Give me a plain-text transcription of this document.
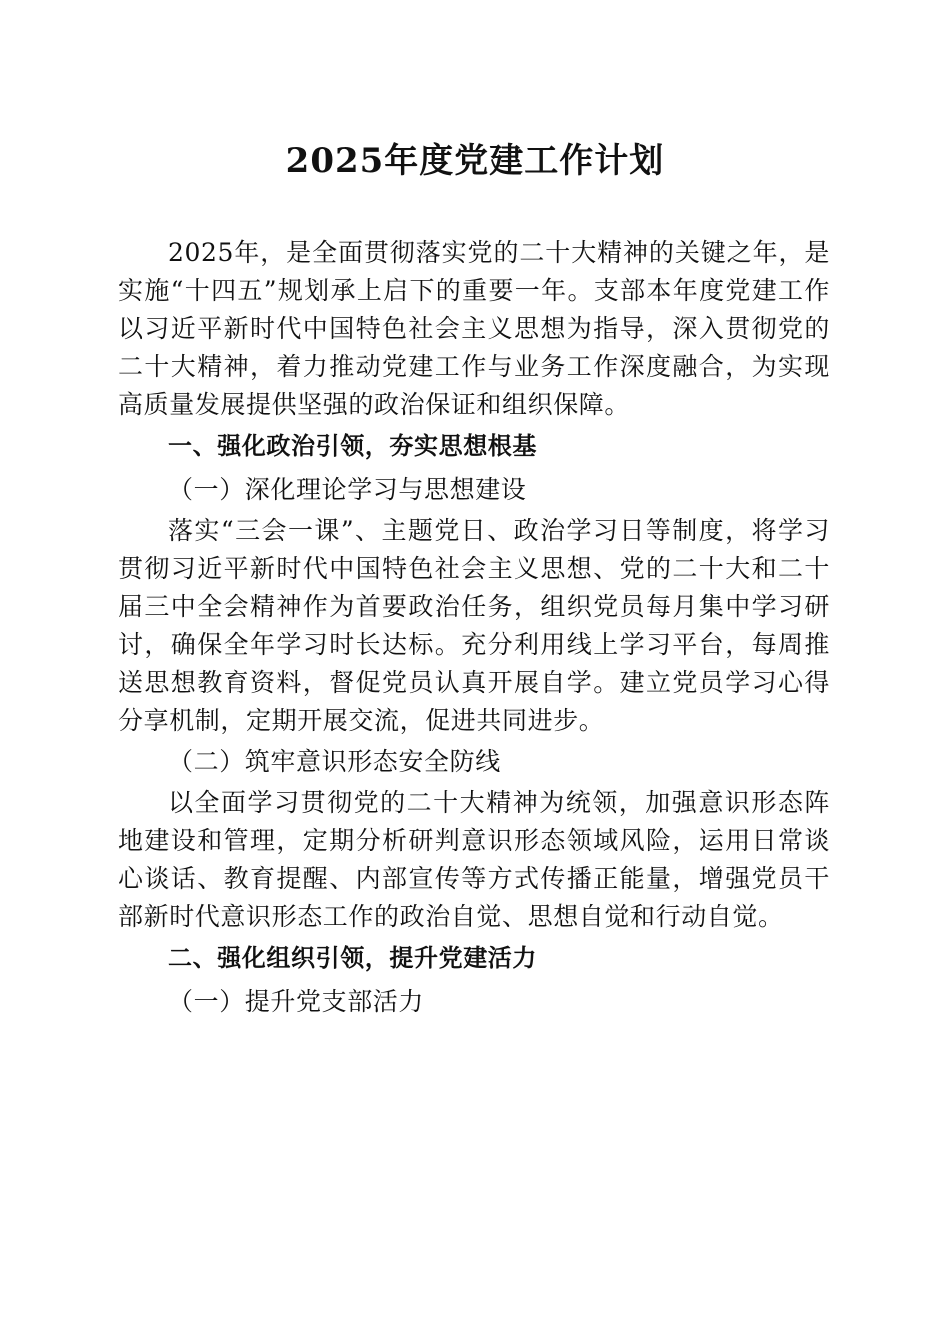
2025年度党建工作计划

2025年，是全面贯彻落实党的二十大精神的关键之年，是实施“十四五”规划承上启下的重要一年。支部本年度党建工作以习近平新时代中国特色社会主义思想为指导，深入贯彻党的二十大精神，着力推动党建工作与业务工作深度融合，为实现高质量发展提供坚强的政治保证和组织保障。

一、强化政治引领，夯实思想根基

（一）深化理论学习与思想建设

落实“三会一课”、主题党日、政治学习日等制度，将学习贯彻习近平新时代中国特色社会主义思想、党的二十大和二十届三中全会精神作为首要政治任务，组织党员每月集中学习研讨，确保全年学习时长达标。充分利用线上学习平台，每周推送思想教育资料，督促党员认真开展自学。建立党员学习心得分享机制，定期开展交流，促进共同进步。

（二）筑牢意识形态安全防线

以全面学习贯彻党的二十大精神为统领，加强意识形态阵地建设和管理，定期分析研判意识形态领域风险，运用日常谈心谈话、教育提醒、内部宣传等方式传播正能量，增强党员干部新时代意识形态工作的政治自觉、思想自觉和行动自觉。

二、强化组织引领，提升党建活力

（一）提升党支部活力
